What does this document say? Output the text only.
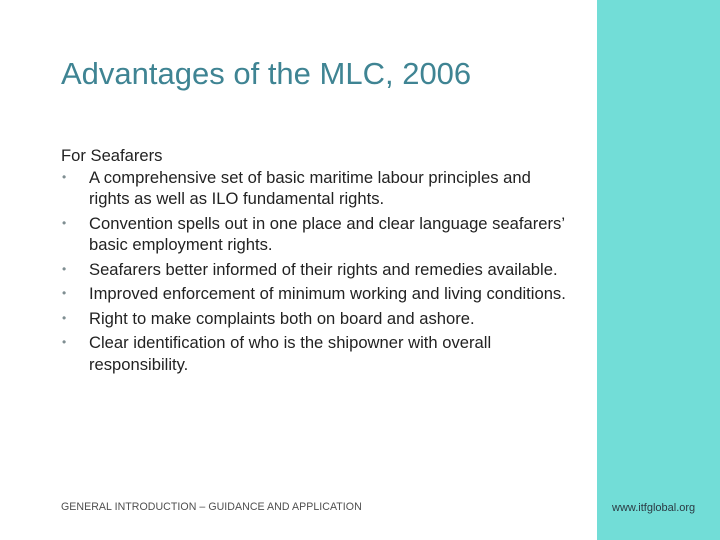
Advantages of the MLC, 2006
For Seafarers
• A comprehensive set of basic maritime labour principles and rights as well as ILO fundamental rights.
• Convention spells out in one place and clear language seafarers’ basic employment rights.
• Seafarers better informed of their rights and remedies available.
• Improved enforcement of minimum working and living conditions.
• Right to make complaints both on board and ashore.
• Clear identification of who is the shipowner with overall responsibility.
GENERAL INTRODUCTION – GUIDANCE AND APPLICATION	www.itfglobal.org
